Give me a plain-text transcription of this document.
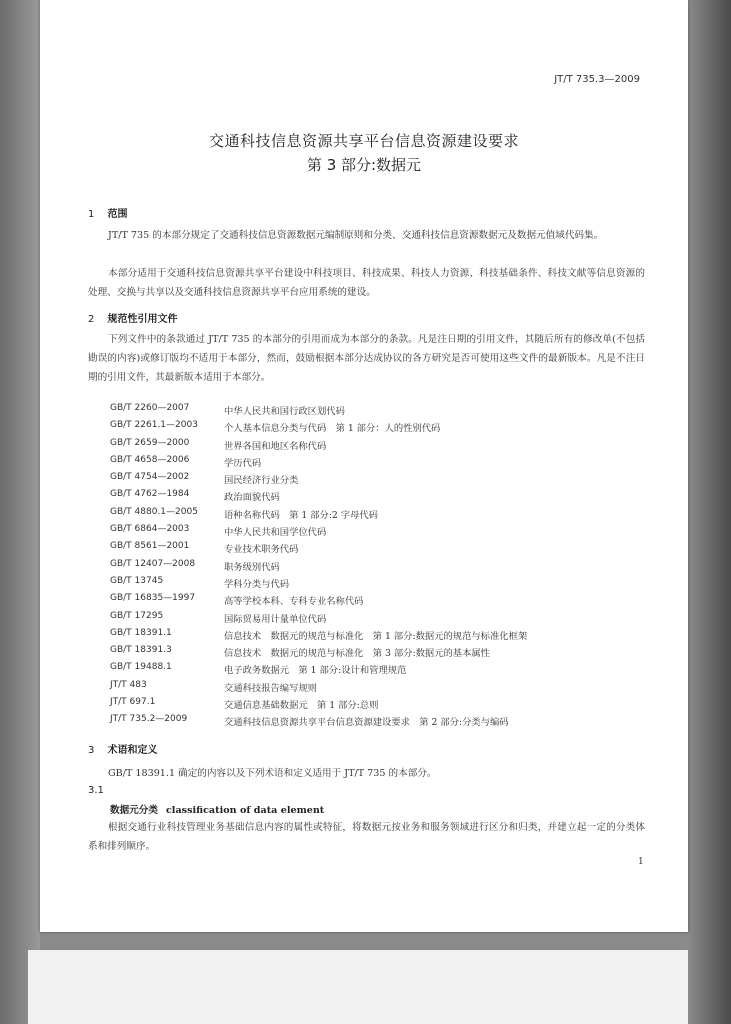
JT/T 735.3—2009
交通科技信息资源共享平台信息资源建设要求
第 3 部分:数据元
1 范围
JT/T 735 的本部分规定了交通科技信息资源数据元编制原则和分类、交通科技信息资源数据元及数据元值域代码集。
本部分适用于交通科技信息资源共享平台建设中科技项目、科技成果、科技人力资源、科技基础条件、科技文献等信息资源的处理、交换与共享以及交通科技信息资源共享平台应用系统的建设。
2 规范性引用文件
下列文件中的条款通过 JT/T 735 的本部分的引用而成为本部分的条款。凡是注日期的引用文件，其随后所有的修改单(不包括勘误的内容)或修订版均不适用于本部分，然而，鼓励根据本部分达成协议的各方研究是否可使用这些文件的最新版本。凡是不注日期的引用文件，其最新版本适用于本部分。
GB/T 2260—2007	中华人民共和国行政区划代码
GB/T 2261.1—2003	个人基本信息分类与代码　第 1 部分：人的性别代码
GB/T 2659—2000	世界各国和地区名称代码
GB/T 4658—2006	学历代码
GB/T 4754—2002	国民经济行业分类
GB/T 4762—1984	政治面貌代码
GB/T 4880.1—2005	语种名称代码　第 1 部分:2 字母代码
GB/T 6864—2003	中华人民共和国学位代码
GB/T 8561—2001	专业技术职务代码
GB/T 12407—2008	职务级别代码
GB/T 13745	学科分类与代码
GB/T 16835—1997	高等学校本科、专科专业名称代码
GB/T 17295	国际贸易用计量单位代码
GB/T 18391.1	信息技术　数据元的规范与标准化　第 1 部分:数据元的规范与标准化框架
GB/T 18391.3	信息技术　数据元的规范与标准化　第 3 部分:数据元的基本属性
GB/T 19488.1	电子政务数据元　第 1 部分:设计和管理规范
JT/T 483	交通科技报告编写规则
JT/T 697.1	交通信息基础数据元　第 1 部分:总则
JT/T 735.2—2009	交通科技信息资源共享平台信息资源建设要求　第 2 部分:分类与编码
3 术语和定义
GB/T 18391.1 确定的内容以及下列术语和定义适用于 JT/T 735 的本部分。
3.1
数据元分类 classification of data element
根据交通行业科技管理业务基础信息内容的属性或特征，将数据元按业务和服务领域进行区分和归类，并建立起一定的分类体系和排列顺序。
1
